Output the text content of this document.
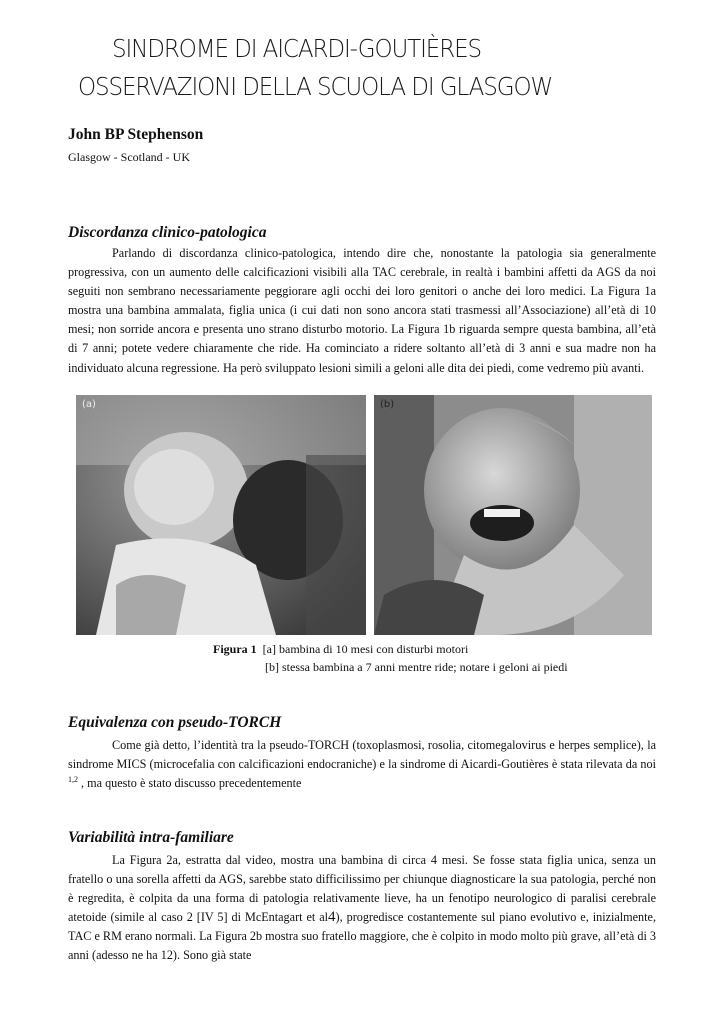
SINDROME DI AICARDI-GOUTIÈRES
OSSERVAZIONI DELLA SCUOLA DI GLASGOW
John BP Stephenson
Glasgow - Scotland - UK
Discordanza clinico-patologica

Parlando di discordanza clinico-patologica, intendo dire che, nonostante la patologia sia generalmente progressiva, con un aumento delle calcificazioni visibili alla TAC cerebrale, in realtà i bambini affetti da AGS da noi seguiti non sembrano necessariamente peggiorare agli occhi dei loro genitori o anche dei loro medici. La Figura 1a mostra una bambina ammalata, figlia unica (i cui dati non sono ancora stati trasmessi all’Associazione) all’età di 10 mesi; non sorride ancora e presenta uno strano disturbo motorio. La Figura 1b riguarda sempre questa bambina, all’età di 7 anni; potete vedere chiaramente che ride. Ha cominciato a ridere soltanto all’età di 3 anni e sua madre non ha individuato alcuna regressione. Ha però sviluppato lesioni simili a geloni alle dita dei piedi, come vedremo più avanti.

(a)	(b)
Figura 1 [a] bambina di 10 mesi con disturbi motori
[b] stessa bambina a 7 anni mentre ride; notare i geloni ai piedi
Equivalenza con pseudo-TORCH

Come già detto, l’identità tra la pseudo-TORCH (toxoplasmosi, rosolia, citomegalovirus e herpes semplice), la sindrome MICS (microcefalia con calcificazioni endocraniche) e la sindrome di Aicardi-Goutières è stata rilevata da noi $^{1,2}$ , ma questo è stato discusso precedentemente

Variabilità intra-familiare

La Figura 2a, estratta dal video, mostra una bambina di circa 4 mesi. Se fosse stata figlia unica, senza un fratello o una sorella affetti da AGS, sarebbe stato difficilissimo per chiunque diagnosticare la sua patologia, perché non è regredita, è colpita da una forma di patologia relativamente lieve, ha un fenotipo neurologico di paralisi cerebrale atetoide (simile al caso 2 [IV 5] di McEntagart et al4), progredisce costantemente sul piano evolutivo e, inizialmente, TAC e RM erano normali. La Figura 2b mostra suo fratello maggiore, che è colpito in modo molto più grave, all’età di 3 anni (adesso ne ha 12). Sono già state
